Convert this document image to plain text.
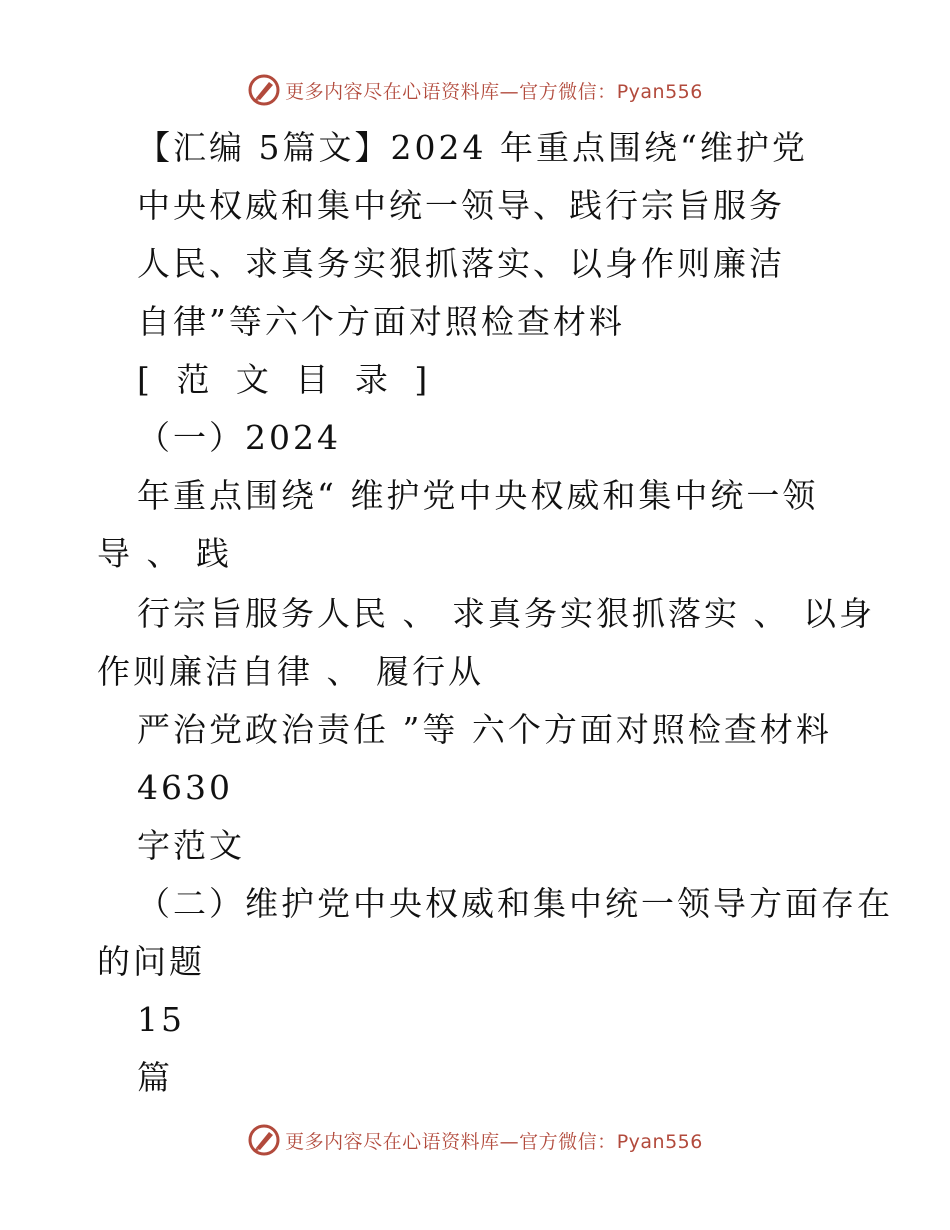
更多内容尽在心语资料库—官方微信：Pyan556
【汇编 5篇文】2024 年重点围绕“维护党
中央权威和集中统一领导、践行宗旨服务
人民、求真务实狠抓落实、以身作则廉洁
自律”等六个方面对照检查材料
[ 范 文 目 录 ]
（一）2024
年重点围绕“ 维护党中央权威和集中统一领
导 、 践
行宗旨服务人民 、 求真务实狠抓落实 、 以身
作则廉洁自律 、 履行从
严治党政治责任 ”等 六个方面对照检查材料
4630
字范文
（二）维护党中央权威和集中统一领导方面存在
的问题
15
篇
更多内容尽在心语资料库—官方微信：Pyan556
